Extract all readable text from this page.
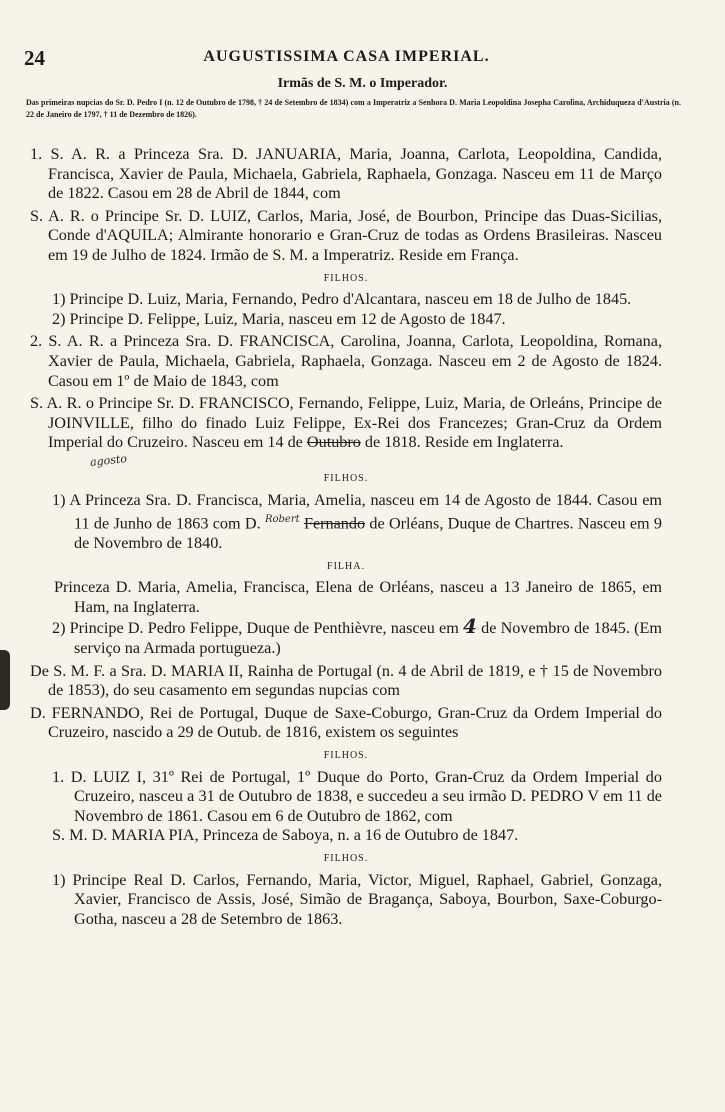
24	AUGUSTISSIMA CASA IMPERIAL.
Irmãs de S. M. o Imperador.
Das primeiras nupcias do Sr. D. Pedro I (n. 12 de Outubro de 1798, † 24 de Setembro de 1834) com a Imperatriz a Senhora D. Maria Leopoldina Josepha Carolina, Archiduqueza d'Austria (n. 22 de Janeiro de 1797, † 11 de Dezembro de 1826).

1. S. A. R. a Princeza Sra. D. JANUARIA, Maria, Joanna, Carlota, Leopoldina, Candida, Francisca, Xavier de Paula, Michaela, Gabriela, Raphaela, Gonzaga. Nasceu em 11 de Março de 1822. Casou em 28 de Abril de 1844, com

S. A. R. o Principe Sr. D. LUIZ, Carlos, Maria, José, de Bourbon, Principe das Duas-Sicilias, Conde d'AQUILA; Almirante honorario e Gran-Cruz de todas as Ordens Brasileiras. Nasceu em 19 de Julho de 1824. Irmão de S. M. a Imperatriz. Reside em França.

FILHOS.

1) Principe D. Luiz, Maria, Fernando, Pedro d'Alcantara, nasceu em 18 de Julho de 1845.

2) Principe D. Felippe, Luiz, Maria, nasceu em 12 de Agosto de 1847.

2. S. A. R. a Princeza Sra. D. FRANCISCA, Carolina, Joanna, Carlota, Leopoldina, Romana, Xavier de Paula, Michaela, Gabriela, Raphaela, Gonzaga. Nasceu em 2 de Agosto de 1824. Casou em 1º de Maio de 1843, com

S. A. R. o Principe Sr. D. FRANCISCO, Fernando, Felippe, Luiz, Maria, de Orleáns, Principe de JOINVILLE, filho do finado Luiz Felippe, Ex-Rei dos Francezes; Gran-Cruz da Ordem Imperial do Cruzeiro. Nasceu em 14 de Outubro de 1818. Reside em Inglaterra.

agosto
FILHOS.

1) A Princeza Sra. D. Francisca, Maria, Amelia, nasceu em 14 de Agosto de 1844. Casou em 11 de Junho de 1863 com D. $^{Robert}$ Fernando de Orléans, Duque de Chartres. Nasceu em 9 de Novembro de 1840.

FILHA.

Princeza D. Maria, Amelia, Francisca, Elena de Orléans, nasceu a 13 Janeiro de 1865, em Ham, na Inglaterra.

2) Principe D. Pedro Felippe, Duque de Penthièvre, nasceu em 4 de Novembro de 1845. (Em serviço na Armada portugueza.)

De S. M. F. a Sra. D. MARIA II, Rainha de Portugal (n. 4 de Abril de 1819, e † 15 de Novembro de 1853), do seu casamento em segundas nupcias com

D. FERNANDO, Rei de Portugal, Duque de Saxe-Coburgo, Gran-Cruz da Ordem Imperial do Cruzeiro, nascido a 29 de Outub. de 1816, existem os seguintes

FILHOS.

1. D. LUIZ I, 31º Rei de Portugal, 1º Duque do Porto, Gran-Cruz da Ordem Imperial do Cruzeiro, nasceu a 31 de Outubro de 1838, e succedeu a seu irmão D. PEDRO V em 11 de Novembro de 1861. Casou em 6 de Outubro de 1862, com

S. M. D. MARIA PIA, Princeza de Saboya, n. a 16 de Outubro de 1847.

FILHOS.

1) Principe Real D. Carlos, Fernando, Maria, Victor, Miguel, Raphael, Gabriel, Gonzaga, Xavier, Francisco de Assis, José, Simão de Bragança, Saboya, Bourbon, Saxe-Coburgo-Gotha, nasceu a 28 de Setembro de 1863.
